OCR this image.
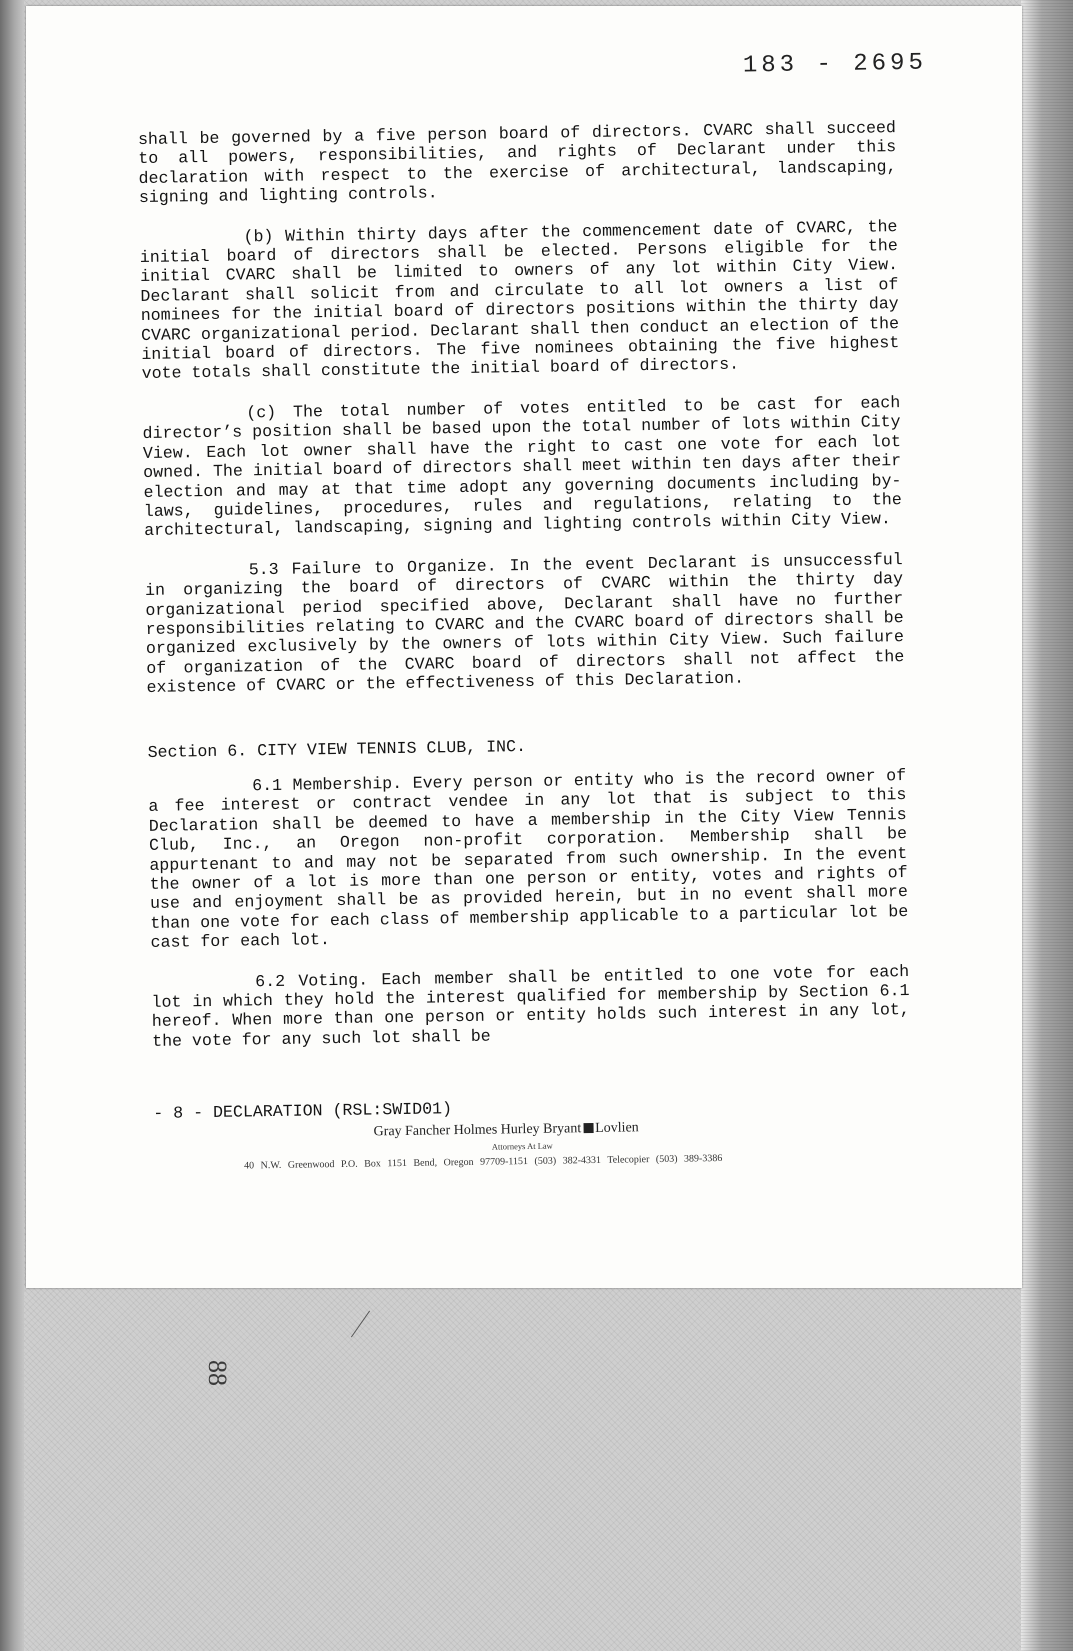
183 - 2695

shall be governed by a five person board of directors. CVARC shall succeed to all powers, responsibilities, and rights of Declarant under this declaration with respect to the exercise of architectural, landscaping, signing and lighting controls.

(b) Within thirty days after the commencement date of CVARC, the initial board of directors shall be elected. Persons eligible for the initial CVARC shall be limited to owners of any lot within City View. Declarant shall solicit from and circulate to all lot owners a list of nominees for the initial board of directors positions within the thirty day CVARC organizational period. Declarant shall then conduct an election of the initial board of directors. The five nominees obtaining the five highest vote totals shall constitute the initial board of directors.

(c) The total number of votes entitled to be cast for each director’s position shall be based upon the total number of lots within City View. Each lot owner shall have the right to cast one vote for each lot owned. The initial board of directors shall meet within ten days after their election and may at that time adopt any governing documents including by-laws, guidelines, procedures, rules and regulations, relating to the architectural, landscaping, signing and lighting controls within City View.

5.3 Failure to Organize. In the event Declarant is unsuccessful in organizing the board of directors of CVARC within the thirty day organizational period specified above, Declarant shall have no further responsibilities relating to CVARC and the CVARC board of directors shall be organized exclusively by the owners of lots within City View. Such failure of organization of the CVARC board of directors shall not affect the existence of CVARC or the effectiveness of this Declaration.

Section 6. CITY VIEW TENNIS CLUB, INC.

6.1 Membership. Every person or entity who is the record owner of a fee interest or contract vendee in any lot that is subject to this Declaration shall be deemed to have a membership in the City View Tennis Club, Inc., an Oregon non-profit corporation. Membership shall be appurtenant to and may not be separated from such ownership. In the event the owner of a lot is more than one person or entity, votes and rights of use and enjoyment shall be as provided herein, but in no event shall more than one vote for each class of membership applicable to a particular lot be cast for each lot.

6.2 Voting. Each member shall be entitled to one vote for each lot in which they hold the interest qualified for membership by Section 6.1 hereof. When more than one person or entity holds such interest in any lot, the vote for any such lot shall be

- 8 - DECLARATION (RSL:SWID01)
Gray Fancher Holmes Hurley Bryant Lovlien
Attorneys At Law
40 N.W. Greenwood P.O. Box 1151 Bend, Oregon 97709-1151 (503) 382-4331 Telecopier (503) 389-3386
88
